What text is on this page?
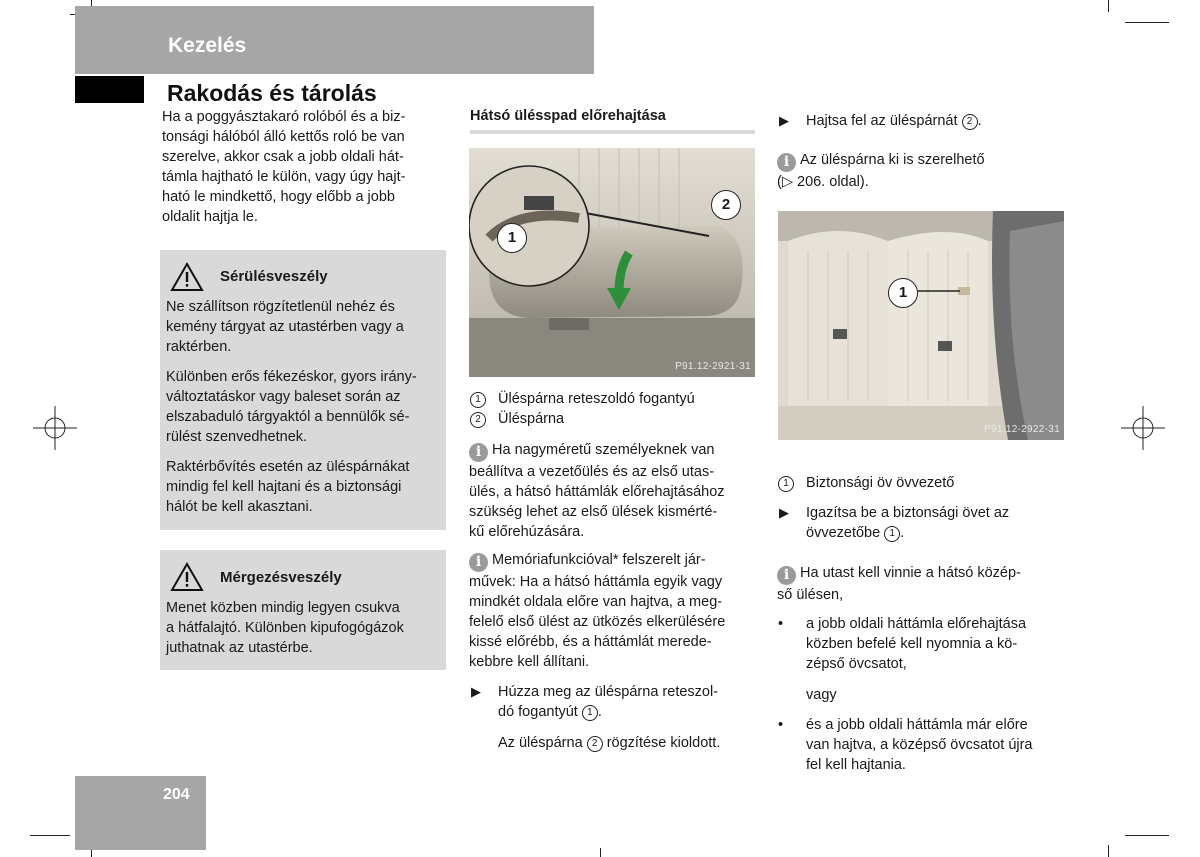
Kezelés
Rakodás és tárolás
Ha a poggyásztakaró rolóból és a biz-
tonsági hálóból álló kettős roló be van
szerelve, akkor csak a jobb oldali hát-
támla hajtható le külön, vagy úgy hajt-
ható le mindkettő, hogy előbb a jobb
oldalit hajtja le.
Sérülésveszély
Ne szállítson rögzítetlenül nehéz és
kemény tárgyat az utastérben vagy a
raktérben.
Különben erős fékezéskor, gyors irány-
változtatáskor vagy baleset során az
elszabaduló tárgyaktól a bennülők sé-
rülést szenvedhetnek.
Raktérbővítés esetén az üléspárnákat
mindig fel kell hajtani és a biztonsági
hálót be kell akasztani.
Mérgezésveszély
Menet közben mindig legyen csukva
a hátfalajtó. Különben kipufogógázok
juthatnak az utastérbe.
Hátsó ülésspad előrehajtása
2
1
P91.12-2921-31
1 Üléspárna reteszoldó fogantyú
2 Üléspárna
i Ha nagyméretű személyeknek van
beállítva a vezetőülés és az első utas-
ülés, a hátsó háttámlák előrehajtásához
szükség lehet az első ülések kismérté-
kű előrehúzására.
i Memóriafunkcióval* felszerelt jár-
művek: Ha a hátsó háttámla egyik vagy
mindkét oldala előre van hajtva, a meg-
felelő első ülést az ütközés elkerülésére
kissé előrébb, és a háttámlát merede-
kebbre kell állítani.
▶ Húzza meg az üléspárna reteszol-
dó fogantyút 1 .
Az üléspárna 2 rögzítése kioldott.
▶ Hajtsa fel az üléspárnát 2 .
i Az üléspárna ki is szerelhető
(▷ 206. oldal).
1
P91.12-2922-31
1 Biztonsági öv övvezető
▶ Igazítsa be a biztonsági övet az
övvezetőbe 1 .
i Ha utast kell vinnie a hátsó közép-
ső ülésen,
• a jobb oldali háttámla előrehajtása
közben befelé kell nyomnia a kö-
zépső övcsatot,
vagy
• és a jobb oldali háttámla már előre
van hajtva, a középső övcsatot újra
fel kell hajtania.
204
